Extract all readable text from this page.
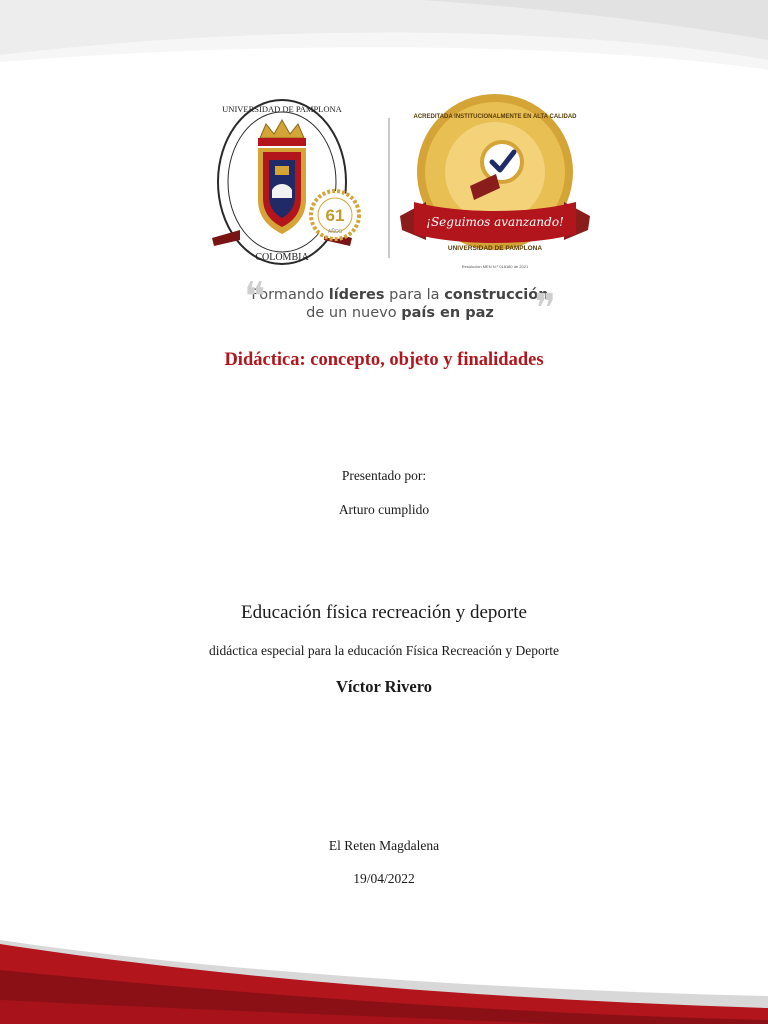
COLOMBIA
UNIVERSIDAD DE PAMPLONA
61
AÑOS
¡Seguimos avanzando!
ACREDITADA INSTITUCIONALMENTE EN ALTA CALIDAD
UNIVERSIDAD DE PAMPLONA
Resolución MEN N.º 018180 de 2021
❝
Formando líderes para la construcción
de un nuevo país en paz	❞
Didáctica: concepto, objeto y finalidades
Presentado por:
Arturo cumplido
Educación física recreación y deporte
didáctica especial para la educación Física Recreación y Deporte
Víctor Rivero
El Reten Magdalena
19/04/2022
